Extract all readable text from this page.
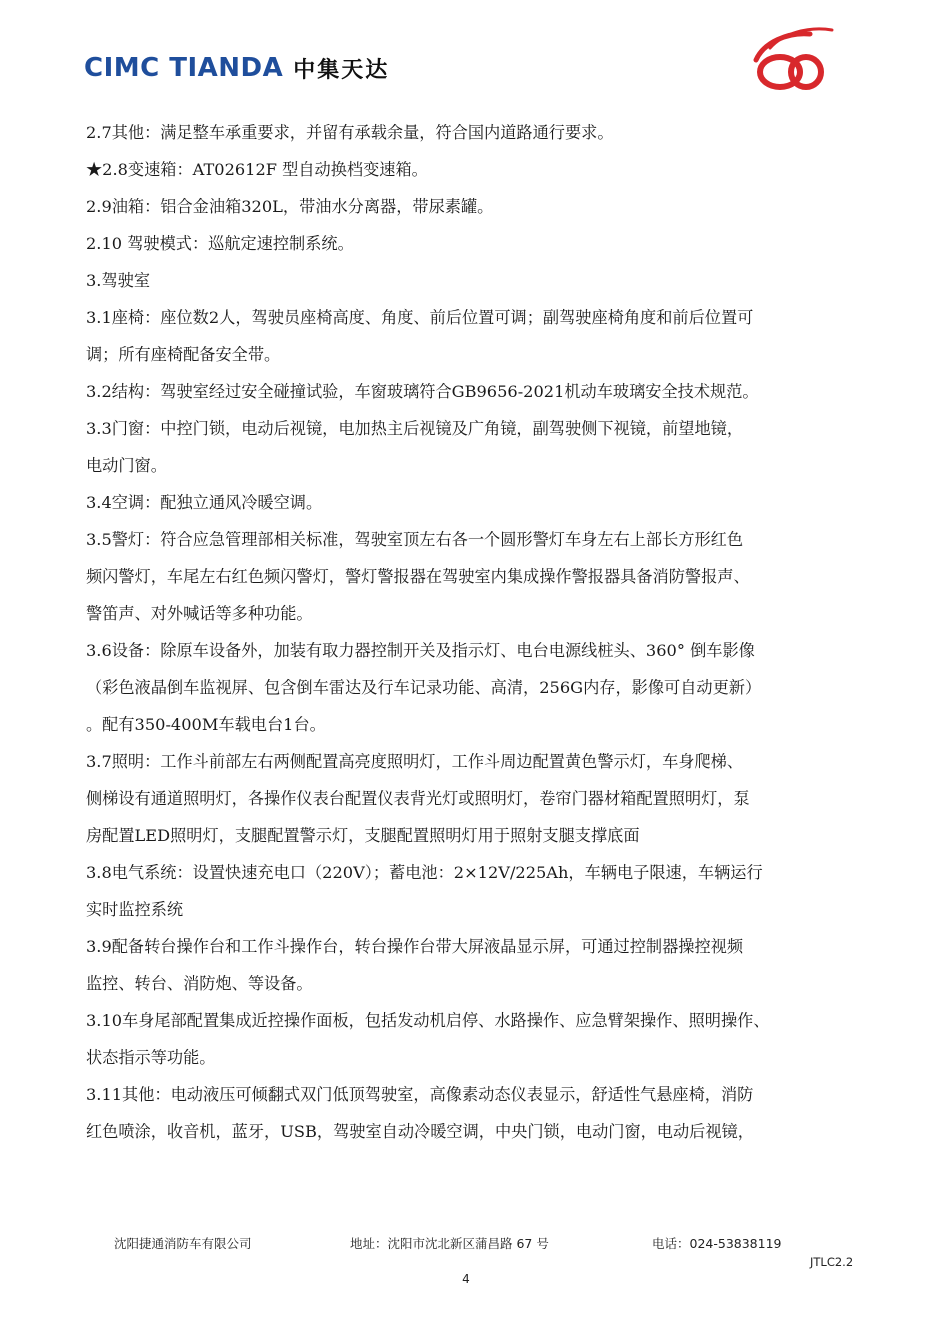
CIMC TIANDA 中集天达

2.7其他：满足整车承重要求，并留有承载余量，符合国内道路通行要求。

★2.8变速箱：AT02612F 型自动换档变速箱。

2.9油箱：铝合金油箱320L，带油水分离器，带尿素罐。

2.10 驾驶模式：巡航定速控制系统。

3.驾驶室

3.1座椅：座位数2人，驾驶员座椅高度、角度、前后位置可调；副驾驶座椅角度和前后位置可

调；所有座椅配备安全带。

3.2结构：驾驶室经过安全碰撞试验，车窗玻璃符合GB9656-2021机动车玻璃安全技术规范。

3.3门窗：中控门锁，电动后视镜，电加热主后视镜及广角镜，副驾驶侧下视镜，前望地镜，

电动门窗。

3.4空调：配独立通风冷暖空调。

3.5警灯：符合应急管理部相关标准，驾驶室顶左右各一个圆形警灯车身左右上部长方形红色

频闪警灯，车尾左右红色频闪警灯，警灯警报器在驾驶室内集成操作警报器具备消防警报声、

警笛声、对外喊话等多种功能。

3.6设备：除原车设备外，加装有取力器控制开关及指示灯、电台电源线桩头、360° 倒车影像

（彩色液晶倒车监视屏、包含倒车雷达及行车记录功能、高清，256G内存，影像可自动更新）

。配有350-400M车载电台1台。

3.7照明：工作斗前部左右两侧配置高亮度照明灯，工作斗周边配置黄色警示灯，车身爬梯、

侧梯设有通道照明灯，各操作仪表台配置仪表背光灯或照明灯，卷帘门器材箱配置照明灯，泵

房配置LED照明灯，支腿配置警示灯，支腿配置照明灯用于照射支腿支撑底面

3.8电气系统：设置快速充电口（220V）；蓄电池：2×12V/225Ah，车辆电子限速，车辆运行

实时监控系统

3.9配备转台操作台和工作斗操作台，转台操作台带大屏液晶显示屏，可通过控制器操控视频

监控、转台、消防炮、等设备。

3.10车身尾部配置集成近控操作面板，包括发动机启停、水路操作、应急臂架操作、照明操作、

状态指示等功能。

3.11其他：电动液压可倾翻式双门低顶驾驶室，高像素动态仪表显示，舒适性气悬座椅，消防

红色喷涂，收音机，蓝牙，USB，驾驶室自动冷暖空调，中央门锁，电动门窗，电动后视镜，

沈阳捷通消防车有限公司	地址：沈阳市沈北新区蒲昌路 67 号	电话：024-53838119
JTLC2.2
4
